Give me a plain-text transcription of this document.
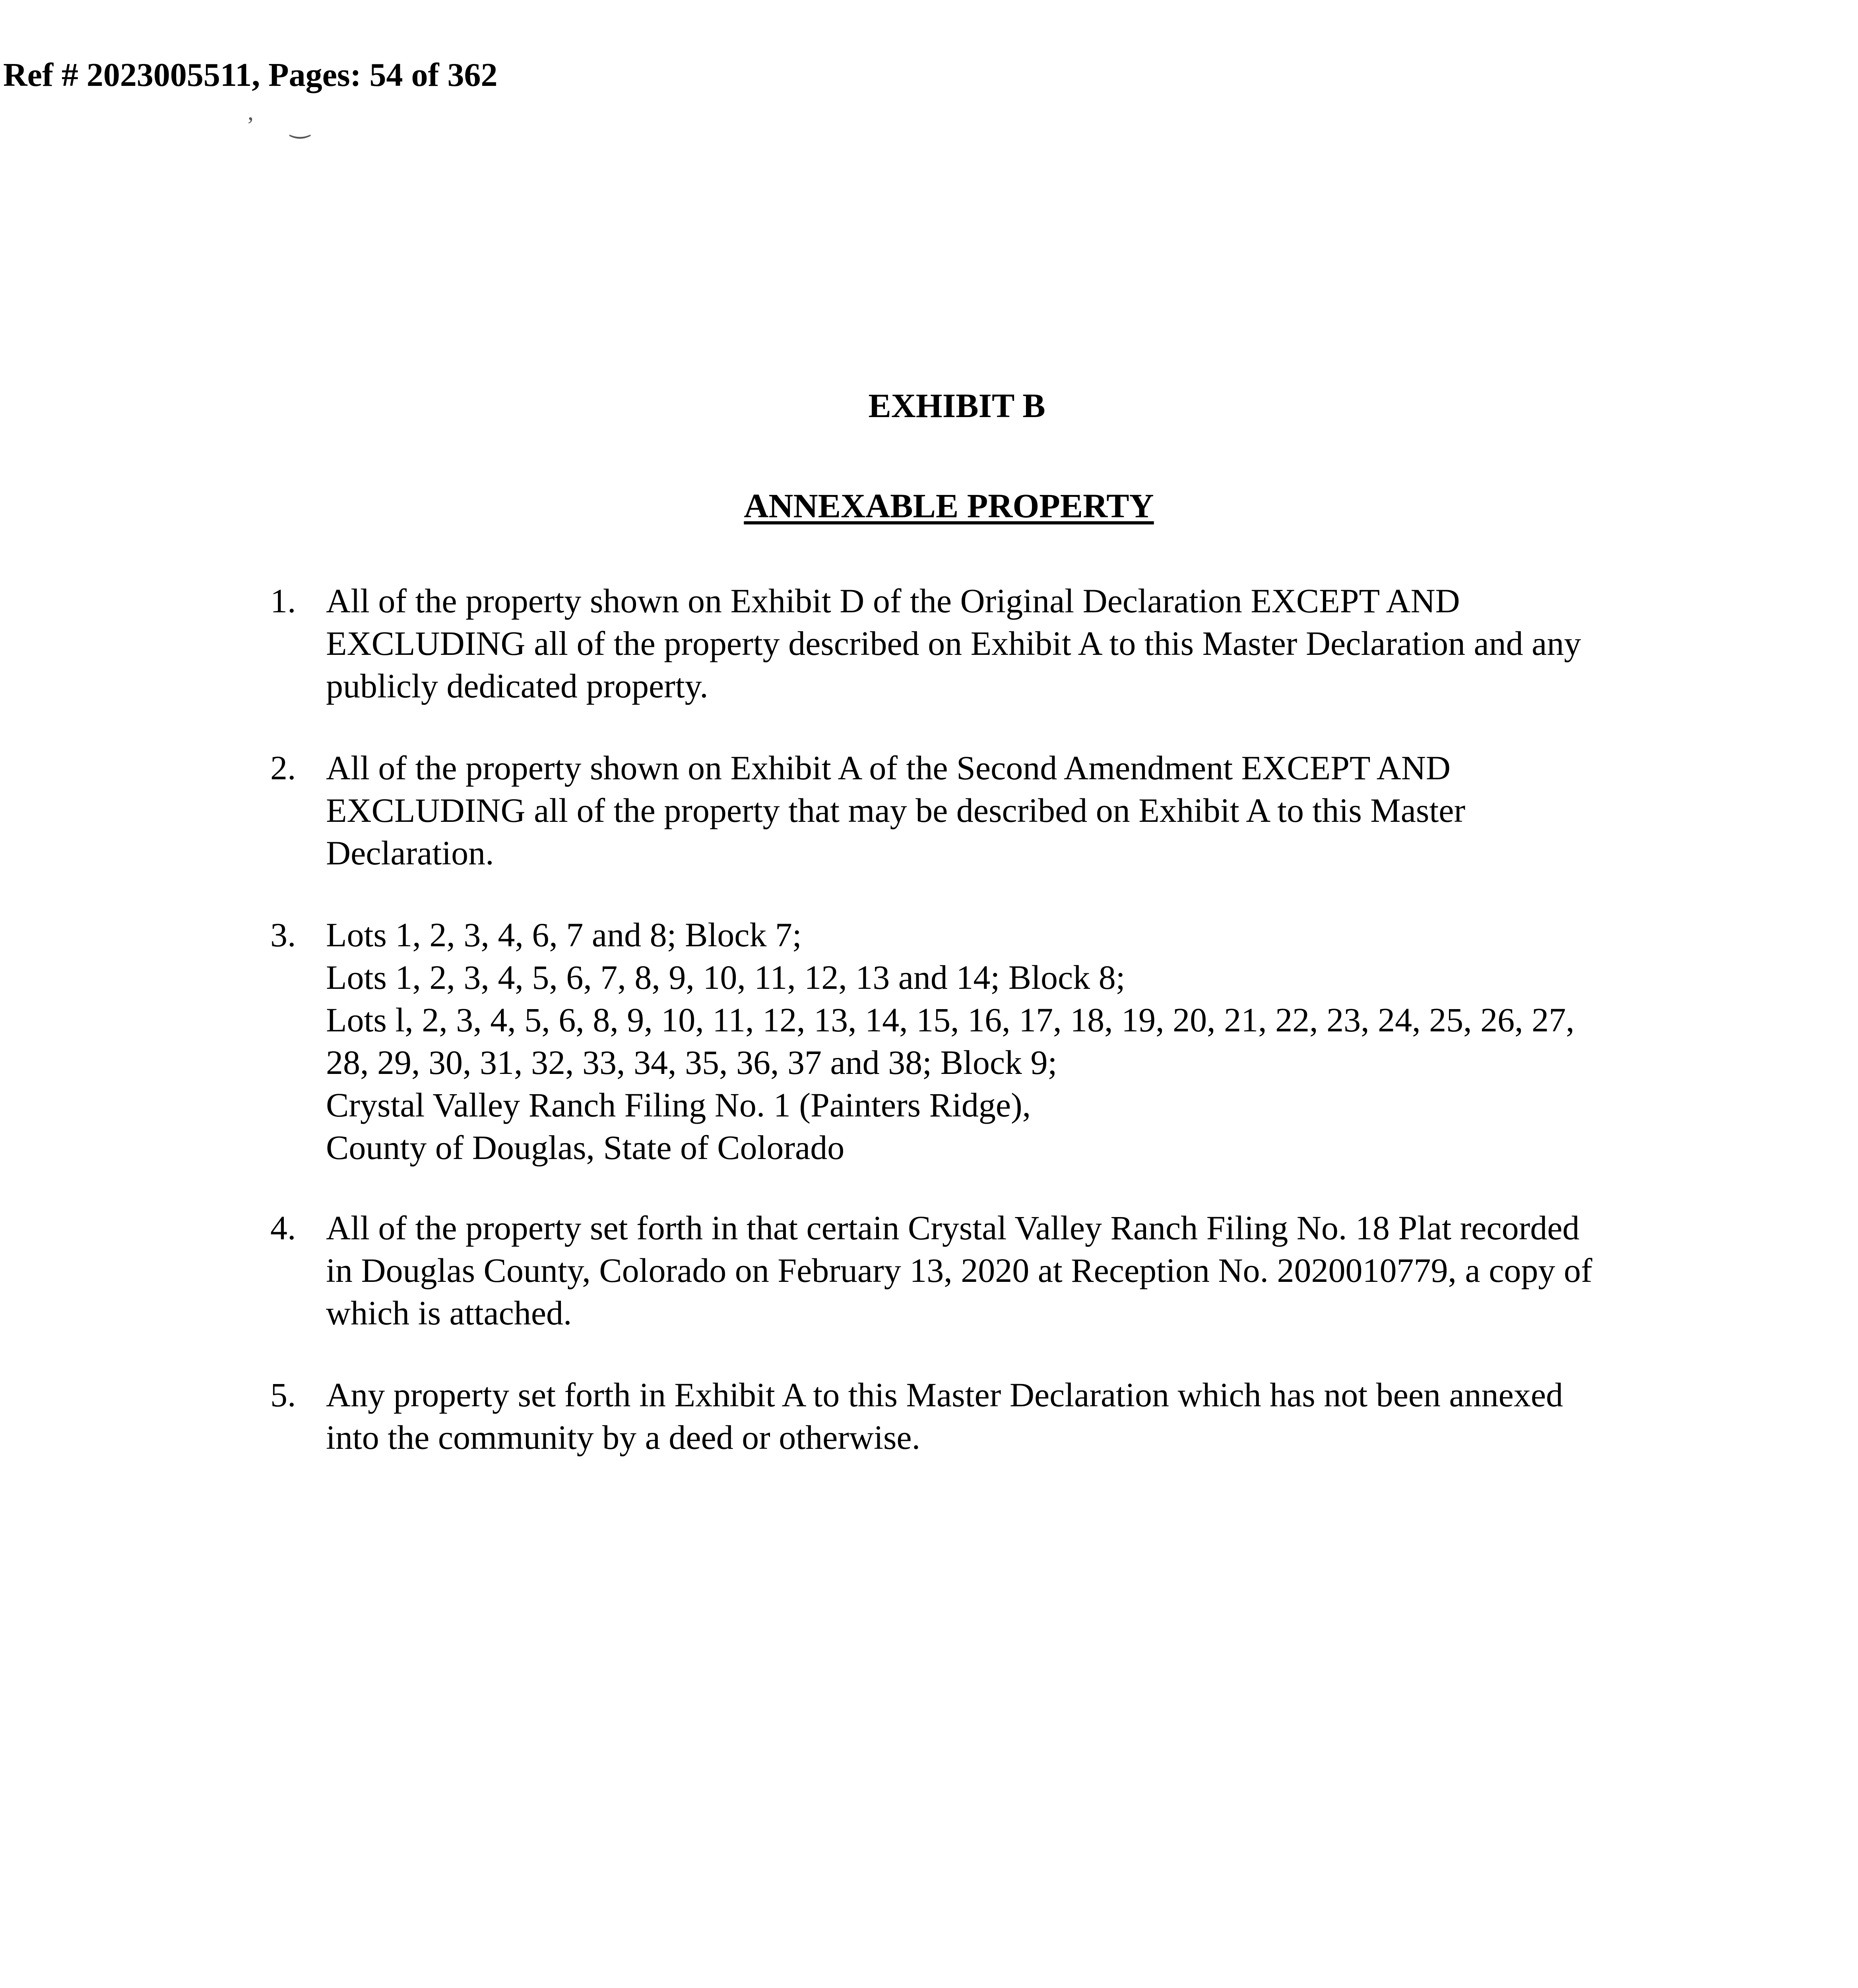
Ref # 2023005511, Pages: 54 of 362
’ ‿
EXHIBIT B
ANNEXABLE PROPERTY
1. All of the property shown on Exhibit D of the Original Declaration EXCEPT AND
EXCLUDING all of the property described on Exhibit A to this Master Declaration and any
publicly dedicated property.
2. All of the property shown on Exhibit A of the Second Amendment EXCEPT AND
EXCLUDING all of the property that may be described on Exhibit A to this Master
Declaration.
3. Lots 1, 2, 3, 4, 6, 7 and 8; Block 7;
Lots 1, 2, 3, 4, 5, 6, 7, 8, 9, 10, 11, 12, 13 and 14; Block 8;
Lots l, 2, 3, 4, 5, 6, 8, 9, 10, 11, 12, 13, 14, 15, 16, 17, 18, 19, 20, 21, 22, 23, 24, 25, 26, 27,
28, 29, 30, 31, 32, 33, 34, 35, 36, 37 and 38; Block 9;
Crystal Valley Ranch Filing No. 1 (Painters Ridge),
County of Douglas, State of Colorado
4. All of the property set forth in that certain Crystal Valley Ranch Filing No. 18 Plat recorded
in Douglas County, Colorado on February 13, 2020 at Reception No. 2020010779, a copy of
which is attached.
5. Any property set forth in Exhibit A to this Master Declaration which has not been annexed
into the community by a deed or otherwise.
